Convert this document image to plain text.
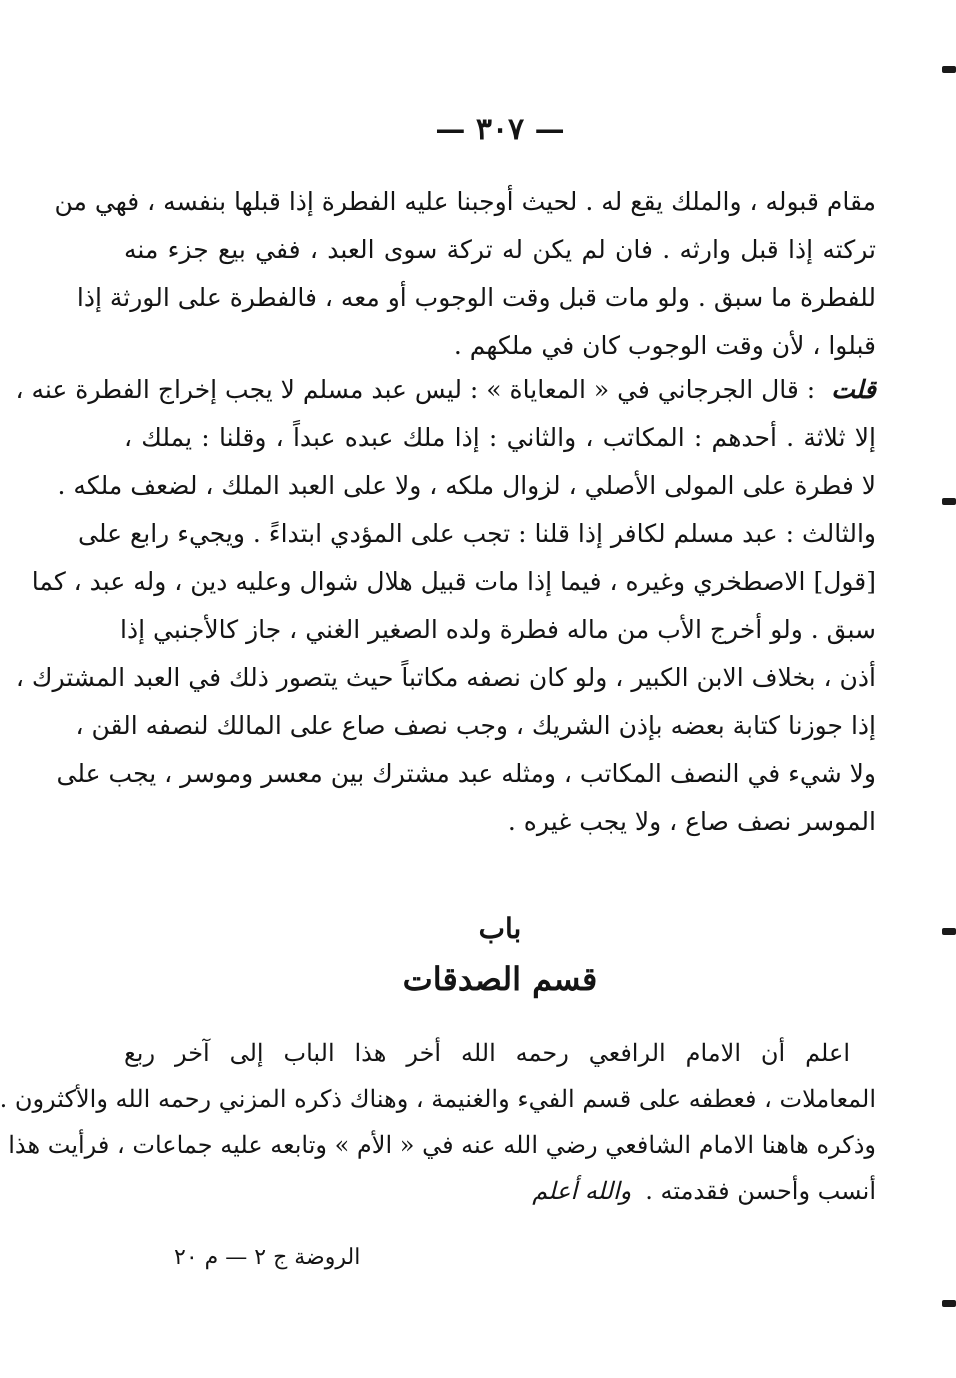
— ٣٠٧ —
مقام قبوله ، والملك يقع له . لحيث أوجبنا عليه الفطرة إذا قبلها بنفسه ، فهي من
تركته إذا قبل وارثه . فان لم يكن له تركة سوى العبد ، ففي بيع جزء منه
للفطرة ما سبق . ولو مات قبل وقت الوجوب أو معه ، فالفطرة على الورثة إذا
قبلوا ، لأن وقت الوجوب كان في ملكهم .
قلت: قال الجرجاني في « المعاياة » : ليس عبد مسلم لا يجب إخراج الفطرة عنه ،
إلا ثلاثة . أحدهم : المكاتب ، والثاني : إذا ملك عبده عبداً ، وقلنا : يملك ،
لا فطرة على المولى الأصلي ، لزوال ملكه ، ولا على العبد الملك ، لضعف ملكه .
والثالث : عبد مسلم لكافر إذا قلنا : تجب على المؤدي ابتداءً . ويجيء رابع على
[قول] الاصطخري وغيره ، فيما إذا مات قبيل هلال شوال وعليه دين ، وله عبد ، كما
سبق . ولو أخرج الأب من ماله فطرة ولده الصغير الغني ، جاز كالأجنبي إذا
أذن ، بخلاف الابن الكبير ، ولو كان نصفه مكاتباً حيث يتصور ذلك في العبد المشترك ،
إذا جوزنا كتابة بعضه بإذن الشريك ، وجب نصف صاع على المالك لنصفه القن ،
ولا شيء في النصف المكاتب ، ومثله عبد مشترك بين معسر وموسر ، يجب على
الموسر نصف صاع ، ولا يجب غيره .
باب
قسم الصدقات
اعلم أن الامام الرافعي رحمه الله أخر هذا الباب إلى آخر ربع
المعاملات ، فعطفه على قسم الفيء والغنيمة ، وهناك ذكره المزني رحمه الله والأكثرون .
وذكره هاهنا الامام الشافعي رضي الله عنه في « الأم » وتابعه عليه جماعات ، فرأيت هذا
أنسب وأحسن فقدمته .والله أعلم
الروضة ج ٢ — م ٢٠
